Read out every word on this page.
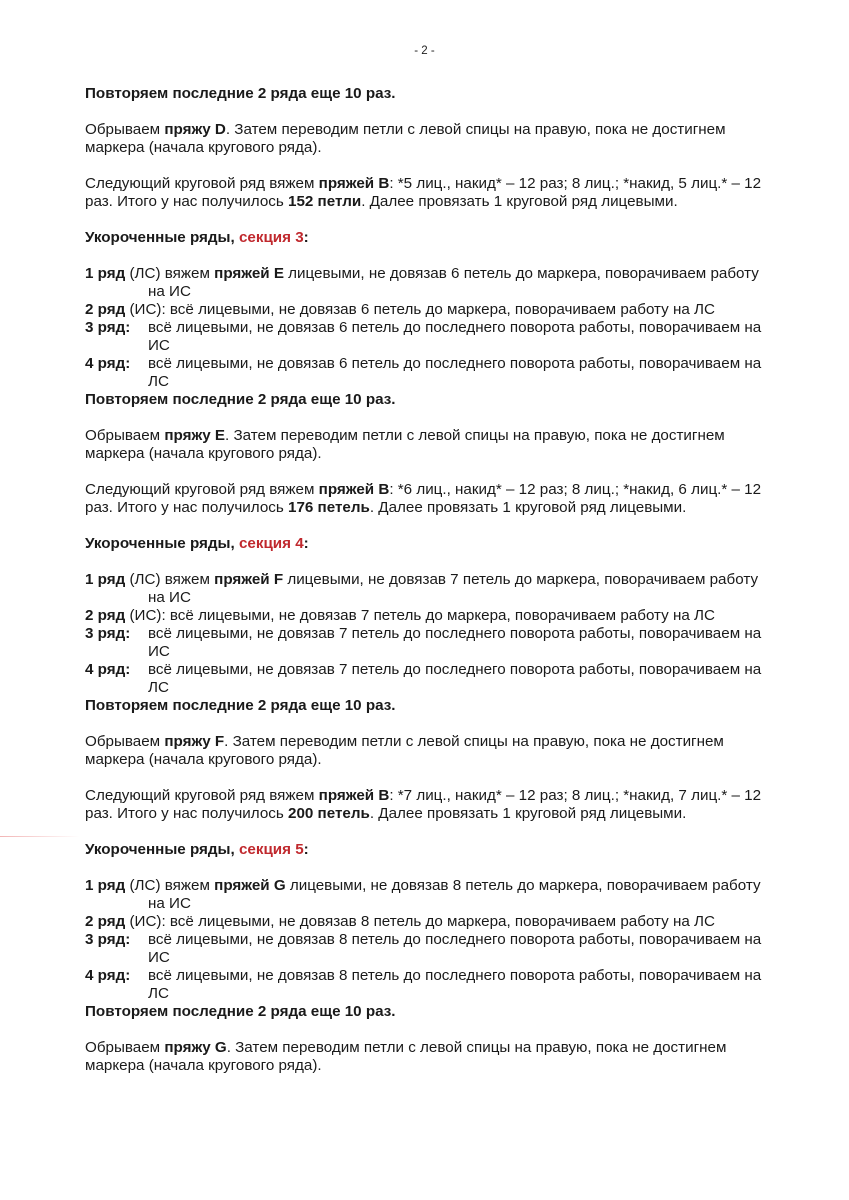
- 2 -

Повторяем последние 2 ряда еще 10 раз.

Обрываем пряжу D. Затем переводим петли с левой спицы на правую, пока не достигнем маркера (начала кругового ряда).

Следующий круговой ряд вяжем пряжей B: *5 лиц., накид* – 12 раз; 8 лиц.; *накид, 5 лиц.* – 12 раз. Итого у нас получилось 152 петли. Далее провязать 1 круговой ряд лицевыми.

Укороченные ряды, секция 3:

1 ряд (ЛС) вяжем пряжей E лицевыми, не довязав 6 петель до маркера, поворачиваем работу на ИС

2 ряд (ИС): всё лицевыми, не довязав 6 петель до маркера, поворачиваем работу на ЛС

3 ряд:	всё лицевыми, не довязав 6 петель до последнего поворота работы, поворачиваем на ИС
4 ряд:	всё лицевыми, не довязав 6 петель до последнего поворота работы, поворачиваем на ЛС

Повторяем последние 2 ряда еще 10 раз.

Обрываем пряжу E. Затем переводим петли с левой спицы на правую, пока не достигнем маркера (начала кругового ряда).

Следующий круговой ряд вяжем пряжей B: *6 лиц., накид* – 12 раз; 8 лиц.; *накид, 6 лиц.* – 12 раз. Итого у нас получилось 176 петель. Далее провязать 1 круговой ряд лицевыми.

Укороченные ряды, секция 4:

1 ряд (ЛС) вяжем пряжей F лицевыми, не довязав 7 петель до маркера, поворачиваем работу на ИС

2 ряд (ИС): всё лицевыми, не довязав 7 петель до маркера, поворачиваем работу на ЛС

3 ряд:	всё лицевыми, не довязав 7 петель до последнего поворота работы, поворачиваем на ИС
4 ряд:	всё лицевыми, не довязав 7 петель до последнего поворота работы, поворачиваем на ЛС

Повторяем последние 2 ряда еще 10 раз.

Обрываем пряжу F. Затем переводим петли с левой спицы на правую, пока не достигнем маркера (начала кругового ряда).

Следующий круговой ряд вяжем пряжей B: *7 лиц., накид* – 12 раз; 8 лиц.; *накид, 7 лиц.* – 12 раз. Итого у нас получилось 200 петель. Далее провязать 1 круговой ряд лицевыми.

Укороченные ряды, секция 5:

1 ряд (ЛС) вяжем пряжей G лицевыми, не довязав 8 петель до маркера, поворачиваем работу на ИС

2 ряд (ИС): всё лицевыми, не довязав 8 петель до маркера, поворачиваем работу на ЛС

3 ряд:	всё лицевыми, не довязав 8 петель до последнего поворота работы, поворачиваем на ИС
4 ряд:	всё лицевыми, не довязав 8 петель до последнего поворота работы, поворачиваем на ЛС

Повторяем последние 2 ряда еще 10 раз.

Обрываем пряжу G. Затем переводим петли с левой спицы на правую, пока не достигнем маркера (начала кругового ряда).
